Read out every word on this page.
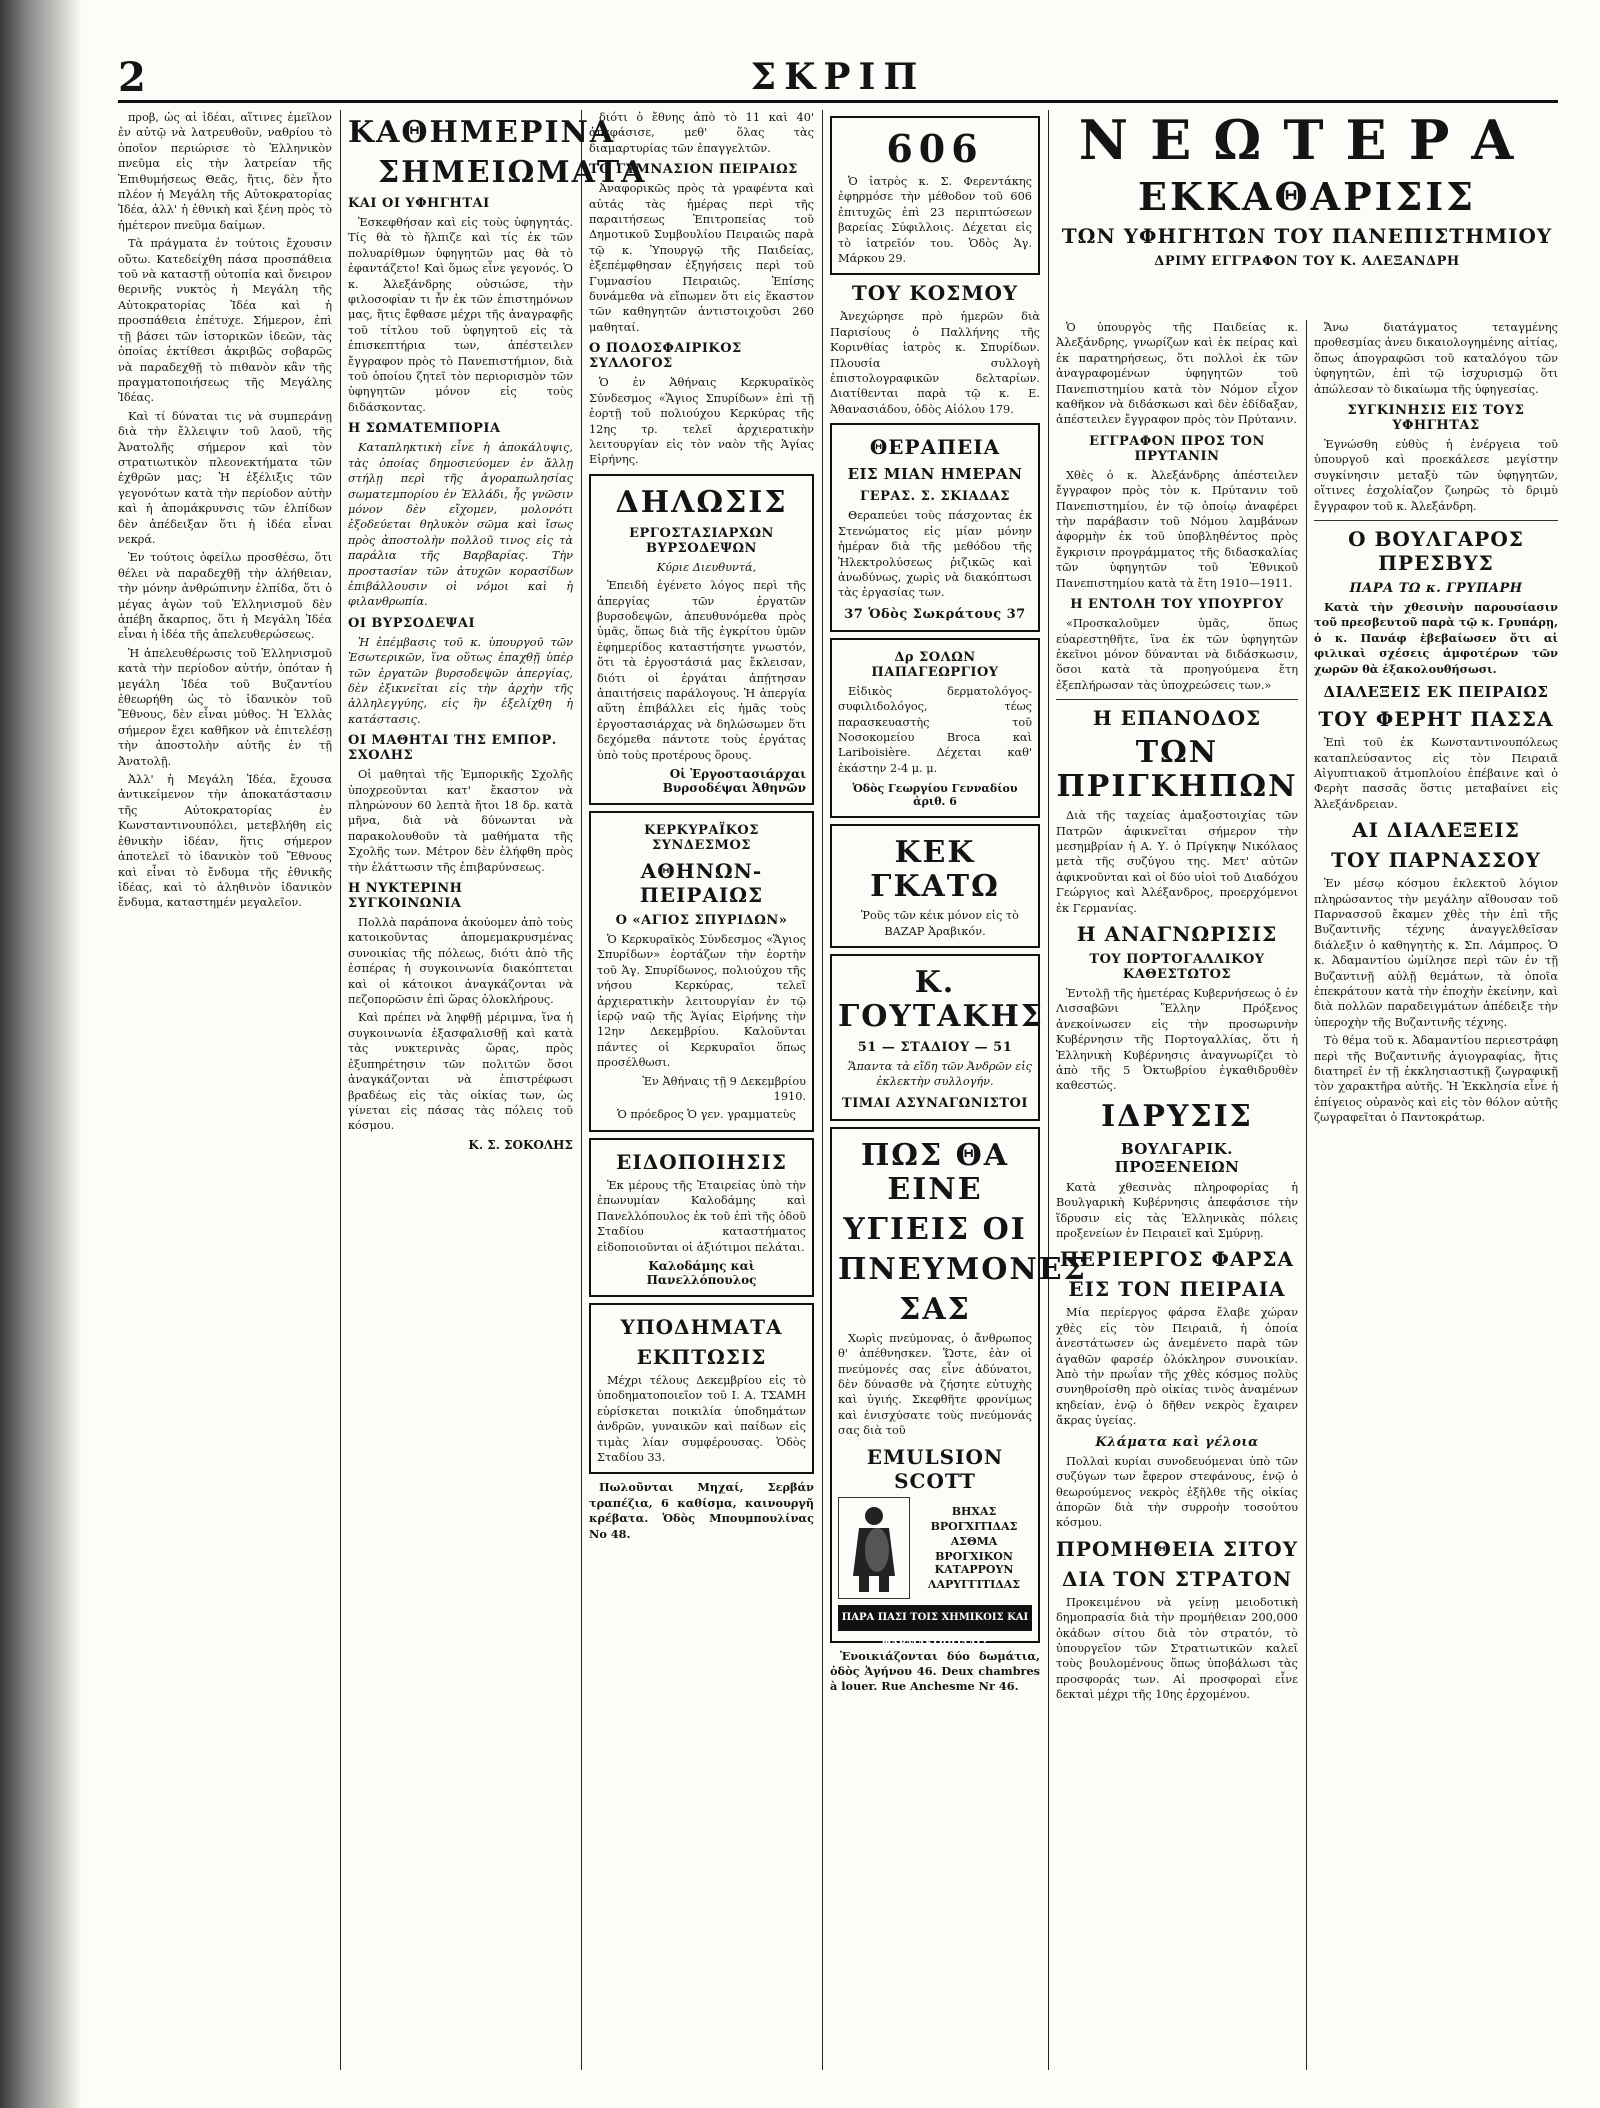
2	ΣΚΡΙΠ

προβ, ὡς αἱ ἰδέαι, αἵτινες ἐμεῖλον ἐν αὐτῷ νὰ λατρευθοῦν, ναθρίου τὸ ὁποῖον περιώρισε τὸ Ἑλληνικὸν πνεῦμα εἰς τὴν λατρείαν τῆς Ἐπιθυμήσεως Θεᾶς, ἥτις, δὲν ἦτο πλέον ἡ Μεγάλη τῆς Αὐτοκρατορίας Ἰδέα, ἀλλ' ἡ ἐθνικὴ καὶ ξένη πρὸς τὸ ἡμέτερον πνεῦμα δαίμων.

Τὰ πράγματα ἐν τούτοις ἔχουσιν οὕτω. Κατεδείχθη πάσα προσπάθεια τοῦ νὰ καταστῇ οὐτοπία καὶ ὄνειρον θερινῆς νυκτὸς ἡ Μεγάλη τῆς Αὐτοκρατορίας Ἰδέα καὶ ἡ προσπάθεια ἐπέτυχε. Σήμερον, ἐπὶ τῇ βάσει τῶν ἱστορικῶν ἰδεῶν, τὰς ὁποίας ἐκτίθεσι ἀκριβῶς σοβαρῶς νὰ παραδεχθῇ τὸ πιθανὸν κἂν τῆς πραγματοποιήσεως τῆς Μεγάλης Ἰδέας.

Καὶ τί δύναται τις νὰ συμπεράνῃ διὰ τὴν ἔλλειψιν τοῦ λαοῦ, τῆς Ἀνατολῆς σήμερον καὶ τὸν στρατιωτικὸν πλεονεκτήματα τῶν ἐχθρῶν μας; Ἡ ἐξέλιξις τῶν γεγονότων κατὰ τὴν περίοδον αὐτὴν καὶ ἡ ἀπομάκρυνσις τῶν ἐλπίδων δὲν ἀπέδειξαν ὅτι ἡ ἰδέα εἶναι νεκρά.

Ἐν τούτοις ὀφείλω προσθέσω, ὅτι θέλει νὰ παραδεχθῇ τὴν ἀλήθειαν, τὴν μόνην ἀνθρώπινην ἐλπίδα, ὅτι ὁ μέγας ἀγὼν τοῦ Ἑλληνισμοῦ δὲν ἀπέβη ἄκαρπος, ὅτι ἡ Μεγάλη Ἰδέα εἶναι ἡ ἰδέα τῆς ἀπελευθερώσεως.

Ἡ ἀπελευθέρωσις τοῦ Ἑλληνισμοῦ κατὰ τὴν περίοδον αὐτήν, ὁπόταν ἡ μεγάλη Ἰδέα τοῦ Βυζαντίου ἐθεωρήθη ὡς τὸ ἰδανικὸν τοῦ Ἔθνους, δὲν εἶναι μύθος. Ἡ Ἑλλὰς σήμερον ἔχει καθῆκον νὰ ἐπιτελέσῃ τὴν ἀποστολὴν αὐτῆς ἐν τῇ Ἀνατολῇ.

Ἀλλ' ἡ Μεγάλη Ἰδέα, ἔχουσα ἀντικείμενον τὴν ἀποκατάστασιν τῆς Αὐτοκρατορίας ἐν Κωνσταντινουπόλει, μετεβλήθη εἰς ἐθνικὴν ἰδέαν, ἥτις σήμερον ἀποτελεῖ τὸ ἰδανικὸν τοῦ Ἔθνους καὶ εἶναι τὸ ἔνδυμα τῆς ἐθνικῆς ἰδέας, καὶ τὸ ἀληθινὸν ἰδανικὸν ἔνδυμα, καταστημέν μεγαλεῖον.

ΚΑΘΗΜΕΡΙΝΑ
ΣΗΜΕΙΩΜΑΤΑ
ΚΑΙ ΟΙ ΥΦΗΓΗΤΑΙ

Ἐσκεφθήσαν καὶ εἰς τοὺς ὑφηγητάς. Τίς θὰ τὸ ἤλπιζε καὶ τίς ἐκ τῶν πολυαρίθμων ὑφηγητῶν μας θὰ τὸ ἐφαντάζετο! Καὶ ὅμως εἶνε γεγονός. Ὁ κ. Ἀλεξάνδρης οὐσιώσε, τὴν φιλοσοφίαν τι ἦν ἐκ τῶν ἐπιστημόνων μας, ἥτις ἔφθασε μέχρι τῆς ἀναγραφῆς τοῦ τίτλου τοῦ ὑφηγητοῦ εἰς τὰ ἐπισκεπτήρια των, ἀπέστειλεν ἔγγραφον πρὸς τὸ Πανεπιστήμιον, διὰ τοῦ ὁποίου ζητεῖ τὸν περιορισμὸν τῶν ὑφηγητῶν μόνον εἰς τοὺς διδάσκοντας.

Η ΣΩΜΑΤΕΜΠΟΡΙΑ

Καταπληκτικὴ εἶνε ἡ ἀποκάλυψις, τὰς ὁποίας δημοσιεύομεν ἐν ἄλλῃ στήλῃ περὶ τῆς ἀγοραπωλησίας σωματεμπορίου ἐν Ἑλλάδι, ἧς γνῶσιν μόνον δὲν εἴχομεν, μολονότι ἐξοδεύεται θηλυκὸν σῶμα καὶ ἴσως πρὸς ἀποστολὴν πολλοῦ τινος εἰς τὰ παράλια τῆς Βαρβαρίας. Τὴν προστασίαν τῶν ἀτυχῶν κορασίδων ἐπιβάλλουσιν οἱ νόμοι καὶ ἡ φιλανθρωπία.

ΟΙ ΒΥΡΣΟΔΕΨΑΙ

Ἡ ἐπέμβασις τοῦ κ. ὑπουργοῦ τῶν Ἐσωτερικῶν, ἵνα οὕτως ἐπαχθῇ ὑπὲρ τῶν ἐργατῶν βυρσοδεψῶν ἀπεργίας, δὲν ἐξικνεῖται εἰς τὴν ἀρχὴν τῆς ἀλληλεγγύης, εἰς ἣν ἐξελίχθη ἡ κατάστασις.

ΟΙ ΜΑΘΗΤΑΙ ΤΗΣ ΕΜΠΟΡ. ΣΧΟΛΗΣ

Οἱ μαθηταὶ τῆς Ἐμπορικῆς Σχολῆς ὑποχρεοῦνται κατ' ἔκαστον νὰ πληρώνουν 60 λεπτὰ ἤτοι 18 δρ. κατὰ μῆνα, διὰ νὰ δύνωνται νὰ παρακολουθοῦν τὰ μαθήματα τῆς Σχολῆς των. Μέτρον δὲν ἐλήφθη πρὸς τὴν ἐλάττωσιν τῆς ἐπιβαρύνσεως.

Η ΝΥΚΤΕΡΙΝΗ ΣΥΓΚΟΙΝΩΝΙΑ

Πολλὰ παράπονα ἀκούομεν ἀπὸ τοὺς κατοικοῦντας ἀπομεμακρυσμένας συνοικίας τῆς πόλεως, διότι ἀπὸ τῆς ἐσπέρας ἡ συγκοινωνία διακόπτεται καὶ οἱ κάτοικοι ἀναγκάζονται νὰ πεζοπορῶσιν ἐπὶ ὥρας ὁλοκλήρους.

Καὶ πρέπει νὰ ληφθῇ μέριμνα, ἵνα ἡ συγκοινωνία ἐξασφαλισθῇ καὶ κατὰ τὰς νυκτερινὰς ὥρας, πρὸς ἐξυπηρέτησιν τῶν πολιτῶν ὅσοι ἀναγκάζονται νὰ ἐπιστρέφωσι βραδέως εἰς τὰς οἰκίας των, ὡς γίνεται εἰς πάσας τὰς πόλεις τοῦ κόσμου.

Κ. Σ. ΣΟΚΟΛΗΣ

διότι ὁ ἔθνης ἀπὸ τὸ 11 καὶ 40' ἀπεφάσισε, μεθ' ὅλας τὰς διαμαρτυρίας τῶν ἐπαγγελτῶν.

ΤΟ ΓΥΜΝΑΣΙΟΝ ΠΕΙΡΑΙΩΣ

Ἀναφορικῶς πρὸς τὰ γραφέντα καὶ αὐτάς τὰς ἡμέρας περὶ τῆς παραιτήσεως Ἐπιτροπείας τοῦ Δημοτικοῦ Συμβουλίου Πειραιῶς παρὰ τῷ κ. Ὑπουργῷ τῆς Παιδείας, ἐξεπέμφθησαν ἐξηγήσεις περὶ τοῦ Γυμνασίου Πειραιῶς. Ἐπίσης δυνάμεθα νὰ εἴπωμεν ὅτι εἰς ἕκαστον τῶν καθηγητῶν ἀντιστοιχοῦσι 260 μαθηταί.

Ο ΠΟΔΟΣΦΑΙΡΙΚΟΣ ΣΥΛΛΟΓΟΣ

Ὁ ἐν Ἀθήναις Κερκυραϊκὸς Σύνδεσμος «Ἅγιος Σπυρίδων» ἐπὶ τῇ ἑορτῇ τοῦ πολιούχου Κερκύρας τῆς 12ης τρ. τελεῖ ἀρχιερατικὴν λειτουργίαν εἰς τὸν ναὸν τῆς Ἁγίας Εἰρήνης.

ΔΗΛΩΣΙΣ
ΕΡΓΟΣΤΑΣΙΑΡΧΩΝ ΒΥΡΣΟΔΕΨΩΝ

Κύριε Διευθυντά,

Ἐπειδὴ ἐγένετο λόγος περὶ τῆς ἀπεργίας τῶν ἐργατῶν βυρσοδεψῶν, ἀπευθυνόμεθα πρὸς ὑμᾶς, ὅπως διὰ τῆς ἐγκρίτου ὑμῶν ἐφημερίδος καταστήσητε γνωστόν, ὅτι τὰ ἐργοστάσιά μας ἔκλεισαν, διότι οἱ ἐργάται ἀπῄτησαν ἀπαιτήσεις παράλογους. Ἡ ἀπεργία αὕτη ἐπιβάλλει εἰς ἡμᾶς τοὺς ἐργοστασιάρχας νὰ δηλώσωμεν ὅτι δεχόμεθα πάντοτε τοὺς ἐργάτας ὑπὸ τοὺς προτέρους ὅρους.

Οἱ Ἐργοστασιάρχαι Βυρσοδέψαι Ἀθηνῶν
ΚΕΡΚΥΡΑΪΚΟΣ ΣΥΝΔΕΣΜΟΣ
ΑΘΗΝΩΝ-ΠΕΙΡΑΙΩΣ
Ο «ΑΓΙΟΣ ΣΠΥΡΙΔΩΝ»

Ὁ Κερκυραϊκὸς Σύνδεσμος «Ἅγιος Σπυρίδων» ἑορτάζων τὴν ἑορτὴν τοῦ Ἁγ. Σπυρίδωνος, πολιούχου τῆς νήσου Κερκύρας, τελεῖ ἀρχιερατικὴν λειτουργίαν ἐν τῷ ἱερῷ ναῷ τῆς Ἁγίας Εἰρήνης τὴν 12ην Δεκεμβρίου. Καλοῦνται πάντες οἱ Κερκυραῖοι ὅπως προσέλθωσι.

Ἐν Ἀθήναις τῇ 9 Δεκεμβρίου 1910.

Ὁ πρόεδρος Ὁ γεν. γραμματεὺς

ΕΙΔΟΠΟΙΗΣΙΣ

Ἐκ μέρους τῆς Ἑταιρείας ὑπὸ τὴν ἐπωνυμίαν Καλοδάμης καὶ Πανελλόπουλος ἐκ τοῦ ἐπὶ τῆς ὁδοῦ Σταδίου καταστήματος εἰδοποιοῦνται οἱ ἀξιότιμοι πελάται.

Καλοδάμης καὶ Πανελλόπουλος
ΥΠΟΔΗΜΑΤΑ
ΕΚΠΤΩΣΙΣ

Μέχρι τέλους Δεκεμβρίου εἰς τὸ ὑποδηματοποιεῖον τοῦ Ι. Α. ΤΣΑΜΗ εὑρίσκεται ποικιλία ὑποδημάτων ἀνδρῶν, γυναικῶν καὶ παίδων εἰς τιμὰς λίαν συμφέρουσας. Ὁδὸς Σταδίου 33.

Πωλοῦνται Μηχαί, Σερβάν τραπέζια, 6 καθίσμα, καινουργῆ κρέβατα. Ὁδὸς Μπουμπουλίνας Νο 48.

606

Ὁ ἰατρὸς κ. Σ. Φερεντάκης ἐφηρμόσε τὴν μέθοδον τοῦ 606 ἐπιτυχῶς ἐπὶ 23 περιπτώσεων βαρείας Σύφιλλοις. Δέχεται εἰς τὸ ἰατρεῖόν του. Ὁδὸς Ἁγ. Μάρκου 29.

ΤΟΥ ΚΟΣΜΟΥ

Ἀνεχώρησε πρὸ ἡμερῶν διὰ Παρισίους ὁ Παλλήνης τῆς Κορινθίας ἰατρὸς κ. Σπυρίδων. Πλουσία συλλογὴ ἐπιστολογραφικῶν δελταρίων. Διατίθενται παρὰ τῷ κ. Ε. Ἀθανασιάδου, ὁδὸς Αἰόλου 179.

ΘΕΡΑΠΕΙΑ
ΕΙΣ ΜΙΑΝ ΗΜΕΡΑΝ
ΓΕΡΑΣ. Σ. ΣΚΙΑΔΑΣ

Θεραπεύει τοὺς πάσχοντας ἐκ Στενώματος εἰς μίαν μόνην ἡμέραν διὰ τῆς μεθόδου τῆς Ἠλεκτρολύσεως ῥιζικῶς καὶ ἀνωδύνως, χωρὶς νὰ διακόπτωσι τὰς ἐργασίας των.

37 Ὁδὸς Σωκράτους 37
Δρ ΣΟΛΩΝ ΠΑΠΑΓΕΩΡΓΙΟΥ

Εἰδικὸς δερματολόγος-συφιλιδολόγος, τέως παρασκευαστὴς τοῦ Νοσοκομείου Broca καὶ Lariboisière. Δέχεται καθ' ἑκάστην 2-4 μ. μ.

Ὁδὸς Γεωργίου Γενναδίου ἀριθ. 6
ΚΕΚ ΓΚΑΤΩ

Ῥοῦς τῶν κέικ μόνον εἰς τὸ ΒΑΖΑΡ Ἀραβικόν.

Κ. ΓΟΥΤΑΚΗΣ
51 — ΣΤΑΔΙΟΥ — 51

Ἅπαντα τὰ εἴδη τῶν Ἀνδρῶν εἰς ἐκλεκτὴν συλλογήν.

ΤΙΜΑΙ ΑΣΥΝΑΓΩΝΙΣΤΟΙ
ΠΩΣ ΘΑ ΕΙΝΕ
ΥΓΙΕΙΣ ΟΙ
ΠΝΕΥΜΟΝΕΣ
ΣΑΣ

Χωρὶς πνεύμονας, ὁ ἄνθρωπος θ' ἀπέθνησκεν. Ὥστε, ἐὰν οἱ πνεύμονές σας εἶνε ἀδύνατοι, δὲν δύνασθε νὰ ζήσητε εὐτυχὴς καὶ ὑγιής. Σκεφθῆτε φρονίμως καὶ ἐνισχύσατε τοὺς πνεύμονάς σας διὰ τοῦ

EMULSION SCOTT
ΒΗΧΑΣ
ΒΡΟΓΧΙΤΙΔΑΣ
ΑΣΘΜΑ
ΒΡΟΓΧΙΚΟΝ ΚΑΤΑΡΡΟΥΝ
ΛΑΡΥΓΓΙΤΙΔΑΣ
ΠΑΡΑ ΠΑΣΙ ΤΟΙΣ ΧΗΜΙΚΟΙΣ ΚΑΙ ΦΑΡΜΑΚΟΠΩΛΑΙΣ

Ἐνοικιάζονται δύο δωμάτια, ὁδὸς Ἀγήνου 46. Deux chambres à louer. Rue Anchesme Nr 46.

ΝΕΩΤΕΡΑ

ΕΚΚΑΘΑΡΙΣΙΣ
ΤΩΝ ΥΦΗΓΗΤΩΝ ΤΟΥ ΠΑΝΕΠΙΣΤΗΜΙΟΥ
ΔΡΙΜΥ ΕΓΓΡΑΦΟΝ ΤΟΥ Κ. ΑΛΕΞΑΝΔΡΗ

Ὁ ὑπουργὸς τῆς Παιδείας κ. Ἀλεξάνδρης, γνωρίζων καὶ ἐκ πείρας καὶ ἐκ παρατηρήσεως, ὅτι πολλοὶ ἐκ τῶν ἀναγραφομένων ὑφηγητῶν τοῦ Πανεπιστημίου κατὰ τὸν Νόμον εἶχον καθῆκον νὰ διδάσκωσι καὶ δὲν ἐδίδαξαν, ἀπέστειλεν ἔγγραφον πρὸς τὸν Πρύτανιν.

ΕΓΓΡΑΦΟΝ ΠΡΟΣ ΤΟΝ ΠΡΥΤΑΝΙΝ

Χθὲς ὁ κ. Ἀλεξάνδρης ἀπέστειλεν ἔγγραφον πρὸς τὸν κ. Πρύτανιν τοῦ Πανεπιστημίου, ἐν τῷ ὁποίῳ ἀναφέρει τὴν παράβασιν τοῦ Νόμου λαμβάνων ἀφορμὴν ἐκ τοῦ ὑποβληθέντος πρὸς ἔγκρισιν προγράμματος τῆς διδασκαλίας τῶν ὑφηγητῶν τοῦ Ἐθνικοῦ Πανεπιστημίου κατὰ τὰ ἔτη 1910—1911.

Η ΕΝΤΟΛΗ ΤΟΥ ΥΠΟΥΡΓΟΥ

«Προσκαλοῦμεν ὑμᾶς, ὅπως εὐαρεστηθῆτε, ἵνα ἐκ τῶν ὑφηγητῶν ἐκεῖνοι μόνον δύνανται νὰ διδάσκωσιν, ὅσοι κατὰ τὰ προηγούμενα ἔτη ἐξεπλήρωσαν τὰς ὑποχρεώσεις των.»

Η ΕΠΑΝΟΔΟΣ
ΤΩΝ ΠΡΙΓΚΗΠΩΝ

Διὰ τῆς ταχείας ἀμαξοστοιχίας τῶν Πατρῶν ἀφικνεῖται σήμερον τὴν μεσημβρίαν ἡ Α. Υ. ὁ Πρίγκηψ Νικόλαος μετὰ τῆς συζύγου της. Μετ' αὐτῶν ἀφικνοῦνται καὶ οἱ δύο υἱοὶ τοῦ Διαδόχου Γεώργιος καὶ Ἀλέξανδρος, προερχόμενοι ἐκ Γερμανίας.

Η ΑΝΑΓΝΩΡΙΣΙΣ
ΤΟΥ ΠΟΡΤΟΓΑΛΛΙΚΟΥ ΚΑΘΕΣΤΩΤΟΣ

Ἐντολῇ τῆς ἡμετέρας Κυβερνήσεως ὁ ἐν Λισσαβῶνι Ἕλλην Πρόξενος ἀνεκοίνωσεν εἰς τὴν προσωρινὴν Κυβέρνησιν τῆς Πορτογαλλίας, ὅτι ἡ Ἑλληνικὴ Κυβέρνησις ἀναγνωρίζει τὸ ἀπὸ τῆς 5 Ὀκτωβρίου ἐγκαθιδρυθὲν καθεστώς.

ΙΔΡΥΣΙΣ
ΒΟΥΛΓΑΡΙΚ. ΠΡΟΞΕΝΕΙΩΝ

Κατὰ χθεσινὰς πληροφορίας ἡ Βουλγαρικὴ Κυβέρνησις ἀπεφάσισε τὴν ἵδρυσιν εἰς τὰς Ἑλληνικὰς πόλεις προξενείων ἐν Πειραιεῖ καὶ Σμύρνῃ.

ΠΕΡΙΕΡΓΟΣ ΦΑΡΣΑ
ΕΙΣ ΤΟΝ ΠΕΙΡΑΙΑ

Μία περίεργος φάρσα ἔλαβε χώραν χθὲς εἰς τὸν Πειραιᾶ, ἡ ὁποία ἀνεστάτωσεν ὡς ἀνεμένετο παρὰ τῶν ἀγαθῶν φαρσέρ ὁλόκληρον συνοικίαν. Ἀπὸ τὴν πρωΐαν τῆς χθὲς κόσμος πολὺς συνηθροίσθη πρὸ οἰκίας τινὸς ἀναμένων κηδείαν, ἐνῷ ὁ δῆθεν νεκρὸς ἔχαιρεν ἄκρας ὑγείας.

Κλάματα καὶ γέλοια

Πολλαὶ κυρίαι συνοδευόμεναι ὑπὸ τῶν συζύγων των ἔφερον στεφάνους, ἐνῷ ὁ θεωρούμενος νεκρὸς ἐξῆλθε τῆς οἰκίας ἀπορῶν διὰ τὴν συρροὴν τοσούτου κόσμου.

ΠΡΟΜΗΘΕΙΑ ΣΙΤΟΥ
ΔΙΑ ΤΟΝ ΣΤΡΑΤΟΝ

Προκειμένου νὰ γείνῃ μειοδοτικὴ δημοπρασία διὰ τὴν προμήθειαν 200,000 ὀκάδων σίτου διὰ τὸν στρατόν, τὸ ὑπουργεῖον τῶν Στρατιωτικῶν καλεῖ τοὺς βουλομένους ὅπως ὑποβάλωσι τὰς προσφοράς των. Αἱ προσφοραὶ εἶνε δεκταὶ μέχρι τῆς 10ης ἐρχομένου.

Ἄνω διατάγματος τεταγμένης προθεσμίας ἀνευ δικαιολογημένης αἰτίας, ὅπως ἀπογραφῶσι τοῦ καταλόγου τῶν ὑφηγητῶν, ἐπὶ τῷ ἰσχυρισμῷ ὅτι ἀπώλεσαν τὸ δικαίωμα τῆς ὑφηγεσίας.

ΣΥΓΚΙΝΗΣΙΣ ΕΙΣ ΤΟΥΣ ΥΦΗΓΗΤΑΣ

Ἐγνώσθη εὐθὺς ἡ ἐνέργεια τοῦ ὑπουργοῦ καὶ προεκάλεσε μεγίστην συγκίνησιν μεταξὺ τῶν ὑφηγητῶν, οἵτινες ἐσχολίαζον ζωηρῶς τὸ δριμὺ ἔγγραφον τοῦ κ. Ἀλεξάνδρη.

Ο ΒΟΥΛΓΑΡΟΣ ΠΡΕΣΒΥΣ
ΠΑΡΑ ΤΩ κ. ΓΡΥΠΑΡΗ

Κατὰ τὴν χθεσινὴν παρουσίασιν τοῦ πρεσβευτοῦ παρὰ τῷ κ. Γρυπάρῃ, ὁ κ. Πανάφ ἐβεβαίωσεν ὅτι αἱ φιλικαὶ σχέσεις ἀμφοτέρων τῶν χωρῶν θὰ ἐξακολουθήσωσι.

ΔΙΑΛΕΞΕΙΣ ΕΚ ΠΕΙΡΑΙΩΣ
ΤΟΥ ΦΕΡΗΤ ΠΑΣΣΑ

Ἐπὶ τοῦ ἐκ Κωνσταντινουπόλεως καταπλεύσαντος εἰς τὸν Πειραιᾶ Αἰγυπτιακοῦ ἀτμοπλοίου ἐπέβαινε καὶ ὁ Φερὴτ πασσᾶς ὅστις μεταβαίνει εἰς Ἀλεξάνδρειαν.

ΑΙ ΔΙΑΛΕΞΕΙΣ
ΤΟΥ ΠΑΡΝΑΣΣΟΥ

Ἐν μέσῳ κόσμου ἐκλεκτοῦ λόγιον πληρώσαντος τὴν μεγάλην αἴθουσαν τοῦ Παρνασσοῦ ἔκαμεν χθὲς τὴν ἐπὶ τῆς Βυζαντινῆς τέχνης ἀναγγελθεῖσαν διάλεξιν ὁ καθηγητὴς κ. Σπ. Λάμπρος. Ὁ κ. Ἀδαμαντίου ὡμίλησε περὶ τῶν ἐν τῇ Βυζαντινῇ αὐλῇ θεμάτων, τὰ ὁποῖα ἐπεκράτουν κατὰ τὴν ἐποχὴν ἐκείνην, καὶ διὰ πολλῶν παραδειγμάτων ἀπέδειξε τὴν ὑπεροχὴν τῆς Βυζαντινῆς τέχνης.

Τὸ θέμα τοῦ κ. Ἀδαμαντίου περιεστράφη περὶ τῆς Βυζαντινῆς ἁγιογραφίας, ἥτις διατηρεῖ ἐν τῇ ἐκκλησιαστικῇ ζωγραφικῇ τὸν χαρακτῆρα αὐτῆς. Ἡ Ἐκκλησία εἶνε ἡ ἐπίγειος οὐρανὸς καὶ εἰς τὸν θόλον αὐτῆς ζωγραφεῖται ὁ Παντοκράτωρ.
